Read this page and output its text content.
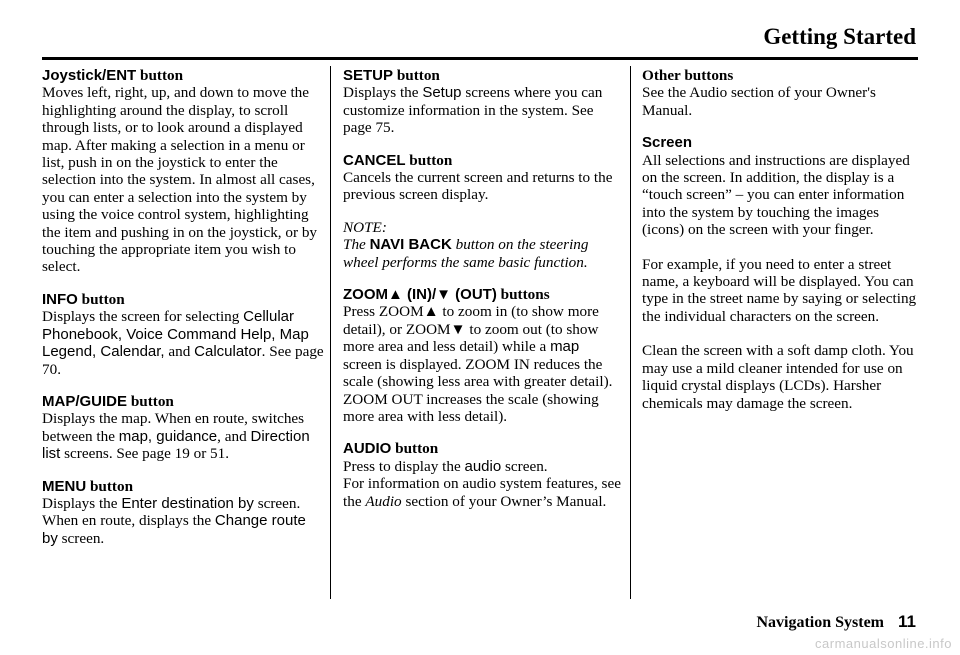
Getting Started
Joystick/ENT button

Moves left, right, up, and down to move the highlighting around the display, to scroll through lists, or to look around a displayed map. After making a selection in a menu or list, push in on the joystick to enter the selection into the system. In almost all cases, you can enter a selection into the system by using the voice control system, highlighting the item and pushing in on the joystick, or by touching the appropriate item you wish to select.

INFO button

Displays the screen for selecting Cellular Phonebook, Voice Command Help, Map Legend, Calendar, and Calculator. See page 70.

MAP/GUIDE button

Displays the map. When en route, switches between the map, guidance, and Direction list screens. See page 19 or 51.

MENU button

Displays the Enter destination by screen. When en route, displays the Change route by screen.

SETUP button

Displays the Setup screens where you can customize information in the system. See page 75.

CANCEL button

Cancels the current screen and returns to the previous screen display.

NOTE:

The NAVI BACK button on the steering wheel performs the same basic function.

ZOOM▲ (IN)/▼ (OUT) buttons

Press ZOOM▲ to zoom in (to show more detail), or ZOOM▼ to zoom out (to show more area and less detail) while a map screen is displayed. ZOOM IN reduces the scale (showing less area with greater detail). ZOOM OUT increases the scale (showing more area with less detail).

AUDIO button

Press to display the audio screen.

For information on audio system features, see the Audio section of your Owner’s Manual.

Other buttons

See the Audio section of your Owner's Manual.

Screen

All selections and instructions are displayed on the screen. In addition, the display is a “touch screen” – you can enter information into the system by touching the images (icons) on the screen with your finger.

For example, if you need to enter a street name, a keyboard will be displayed. You can type in the street name by saying or selecting the individual characters on the screen.

Clean the screen with a soft damp cloth. You may use a mild cleaner intended for use on liquid crystal displays (LCDs). Harsher chemicals may damage the screen.

Navigation System 11
carmanualsonline.info
